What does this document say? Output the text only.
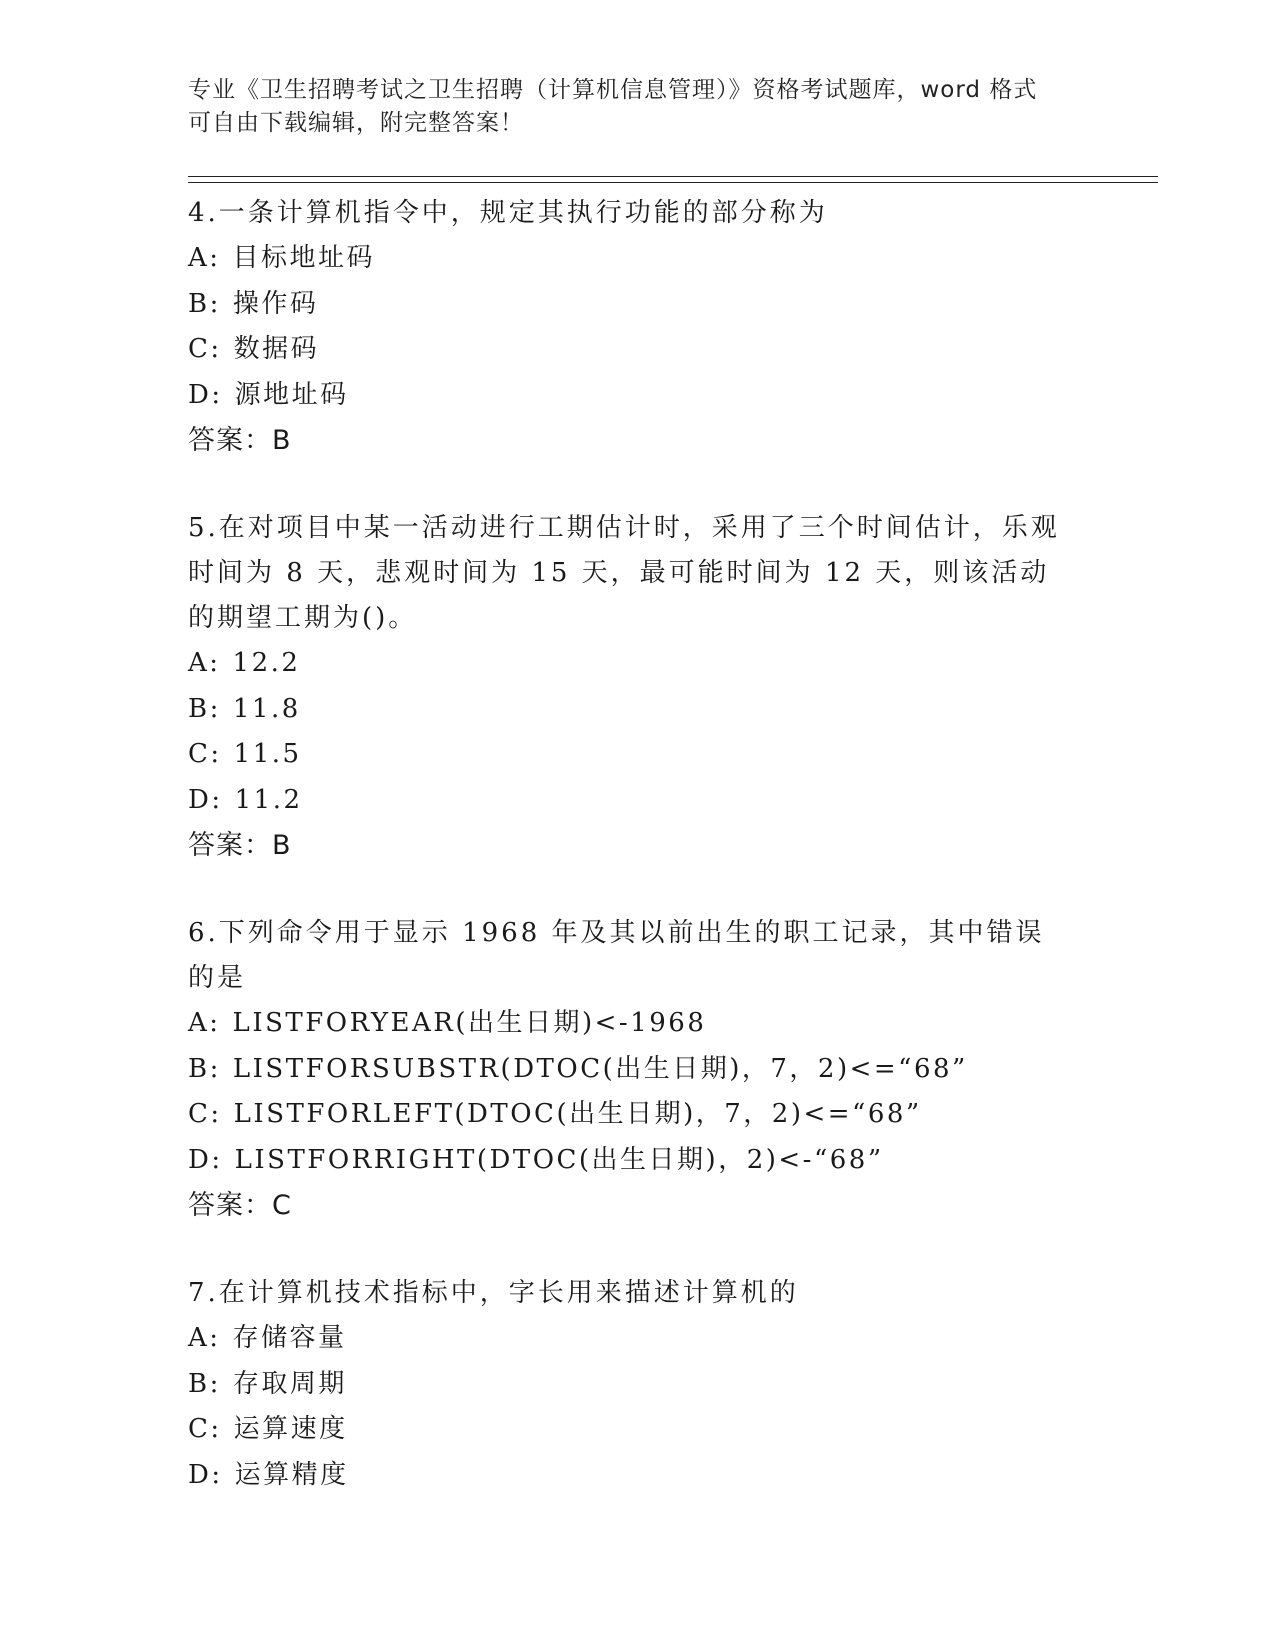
专业《卫生招聘考试之卫生招聘（计算机信息管理）》资格考试题库，word 格式
可自由下载编辑，附完整答案！

4.一条计算机指令中，规定其执行功能的部分称为

A: 目标地址码

B: 操作码

C: 数据码

D: 源地址码

答案：B

5.在对项目中某一活动进行工期估计时，采用了三个时间估计，乐观时间为 8 天，悲观时间为 15 天，最可能时间为 12 天，则该活动的期望工期为()。

A: 12.2

B: 11.8

C: 11.5

D: 11.2

答案：B

6.下列命令用于显示 1968 年及其以前出生的职工记录，其中错误的是

A: LISTFORYEAR(出生日期)<-1968

B: LISTFORSUBSTR(DTOC(出生日期)，7，2)<=“68”

C: LISTFORLEFT(DTOC(出生日期)，7，2)<=“68”

D: LISTFORRIGHT(DTOC(出生日期)，2)<-“68”

答案：C

7.在计算机技术指标中，字长用来描述计算机的

A: 存储容量

B: 存取周期

C: 运算速度

D: 运算精度
